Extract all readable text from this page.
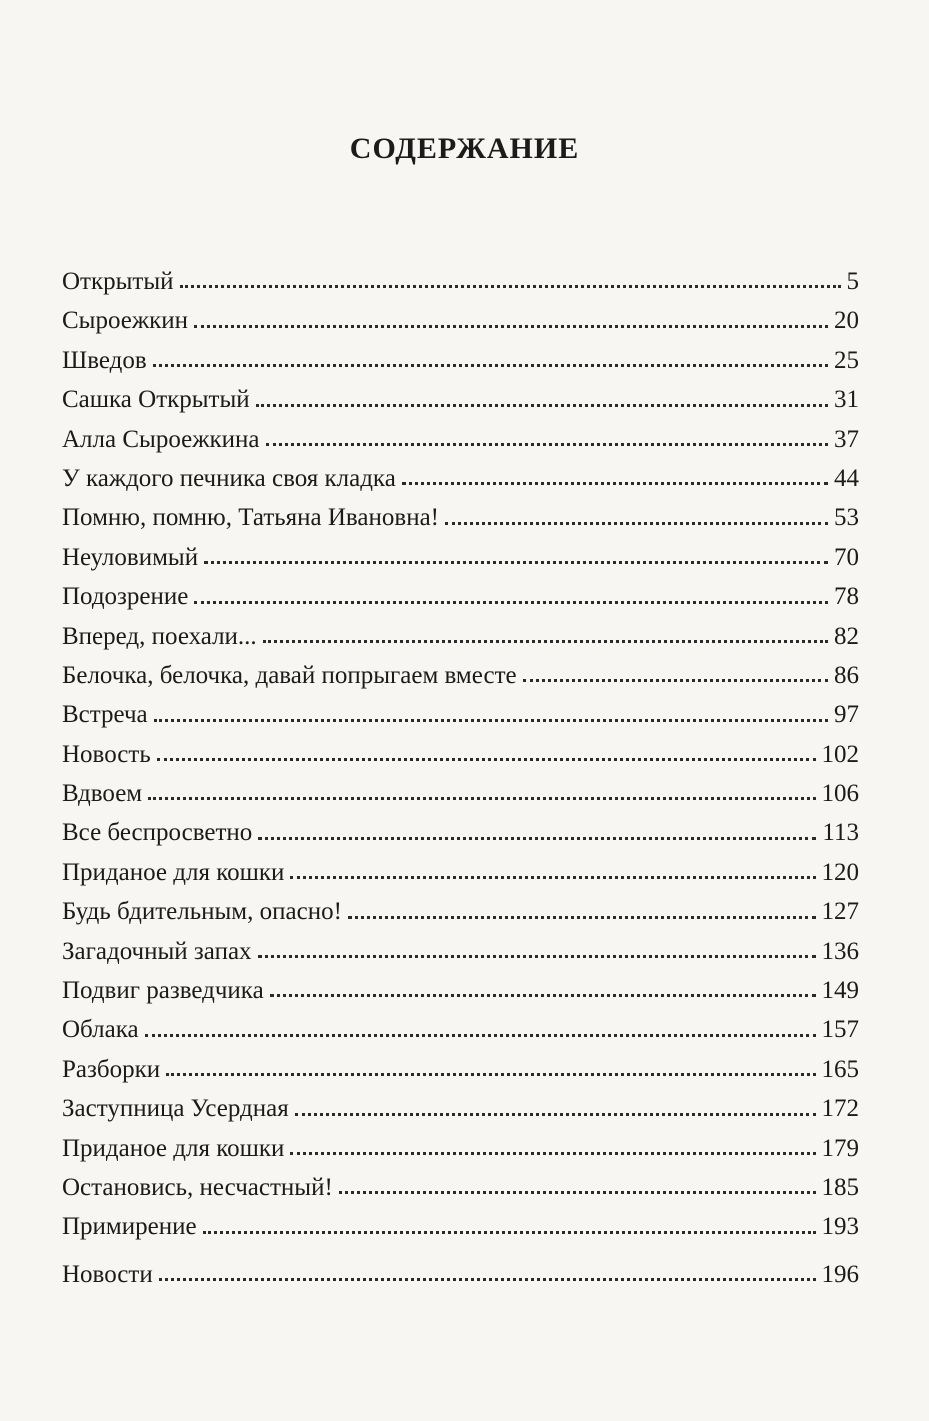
СОДЕРЖАНИЕ
Открытый	5
Сыроежкин	20
Шведов	25
Сашка Открытый	31
Алла Сыроежкина	37
У каждого печника своя кладка	44
Помню, помню, Татьяна Ивановна!	53
Неуловимый	70
Подозрение	78
Вперед, поехали...	82
Белочка, белочка, давай попрыгаем вместе	86
Встреча	97
Новость	102
Вдвоем	106
Все беспросветно	113
Приданое для кошки	120
Будь бдительным, опасно!	127
Загадочный запах	136
Подвиг разведчика	149
Облака	157
Разборки	165
Заступница Усердная	172
Приданое для кошки	179
Остановись, несчастный!	185
Примирение	193
Новости	196
